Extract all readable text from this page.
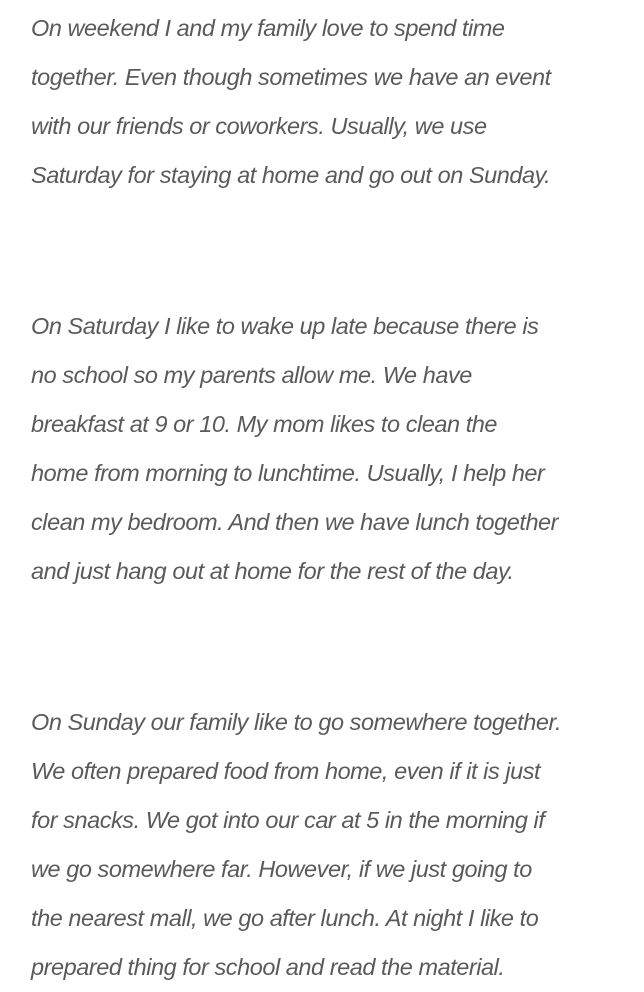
On weekend I and my family love to spend time
together. Even though sometimes we have an event
with our friends or coworkers. Usually, we use
Saturday for staying at home and go out on Sunday.

On Saturday I like to wake up late because there is
no school so my parents allow me. We have
breakfast at 9 or 10. My mom likes to clean the
home from morning to lunchtime. Usually, I help her
clean my bedroom. And then we have lunch together
and just hang out at home for the rest of the day.

On Sunday our family like to go somewhere together.
We often prepared food from home, even if it is just
for snacks. We got into our car at 5 in the morning if
we go somewhere far. However, if we just going to
the nearest mall, we go after lunch. At night I like to
prepared thing for school and read the material.
